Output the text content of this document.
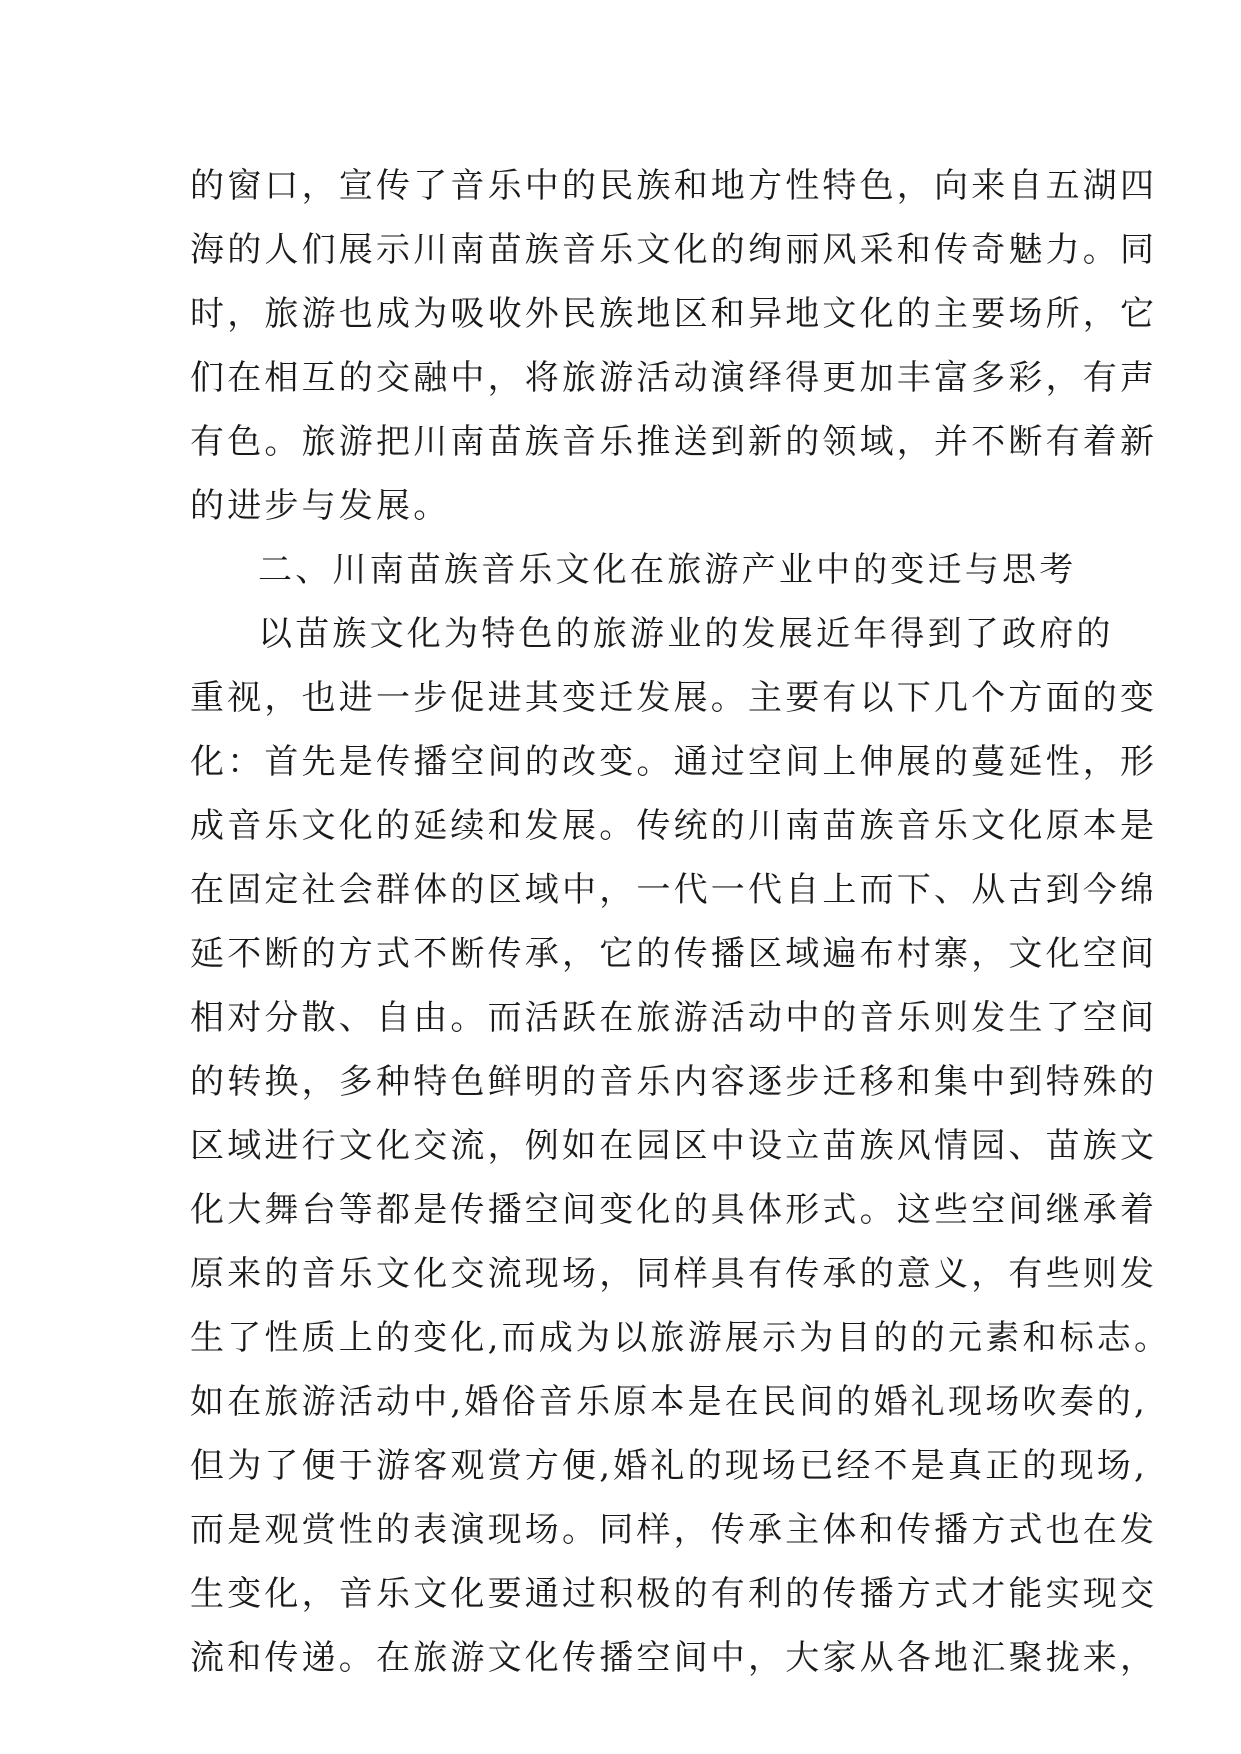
的窗口，宣传了音乐中的民族和地方性特色，向来自五湖四
海的人们展示川南苗族音乐文化的绚丽风采和传奇魅力。同
时，旅游也成为吸收外民族地区和异地文化的主要场所，它
们在相互的交融中，将旅游活动演绎得更加丰富多彩，有声
有色。旅游把川南苗族音乐推送到新的领域，并不断有着新
的进步与发展。
二、川南苗族音乐文化在旅游产业中的变迁与思考
以苗族文化为特色的旅游业的发展近年得到了政府的
重视，也进一步促进其变迁发展。主要有以下几个方面的变
化：首先是传播空间的改变。通过空间上伸展的蔓延性，形
成音乐文化的延续和发展。传统的川南苗族音乐文化原本是
在固定社会群体的区域中，一代一代自上而下、从古到今绵
延不断的方式不断传承，它的传播区域遍布村寨，文化空间
相对分散、自由。而活跃在旅游活动中的音乐则发生了空间
的转换，多种特色鲜明的音乐内容逐步迁移和集中到特殊的
区域进行文化交流，例如在园区中设立苗族风情园、苗族文
化大舞台等都是传播空间变化的具体形式。这些空间继承着
原来的音乐文化交流现场，同样具有传承的意义，有些则发
生了性质上的变化,而成为以旅游展示为目的的元素和标志。
如在旅游活动中,婚俗音乐原本是在民间的婚礼现场吹奏的,
但为了便于游客观赏方便,婚礼的现场已经不是真正的现场,
而是观赏性的表演现场。同样，传承主体和传播方式也在发
生变化，音乐文化要通过积极的有利的传播方式才能实现交
流和传递。在旅游文化传播空间中，大家从各地汇聚拢来，
